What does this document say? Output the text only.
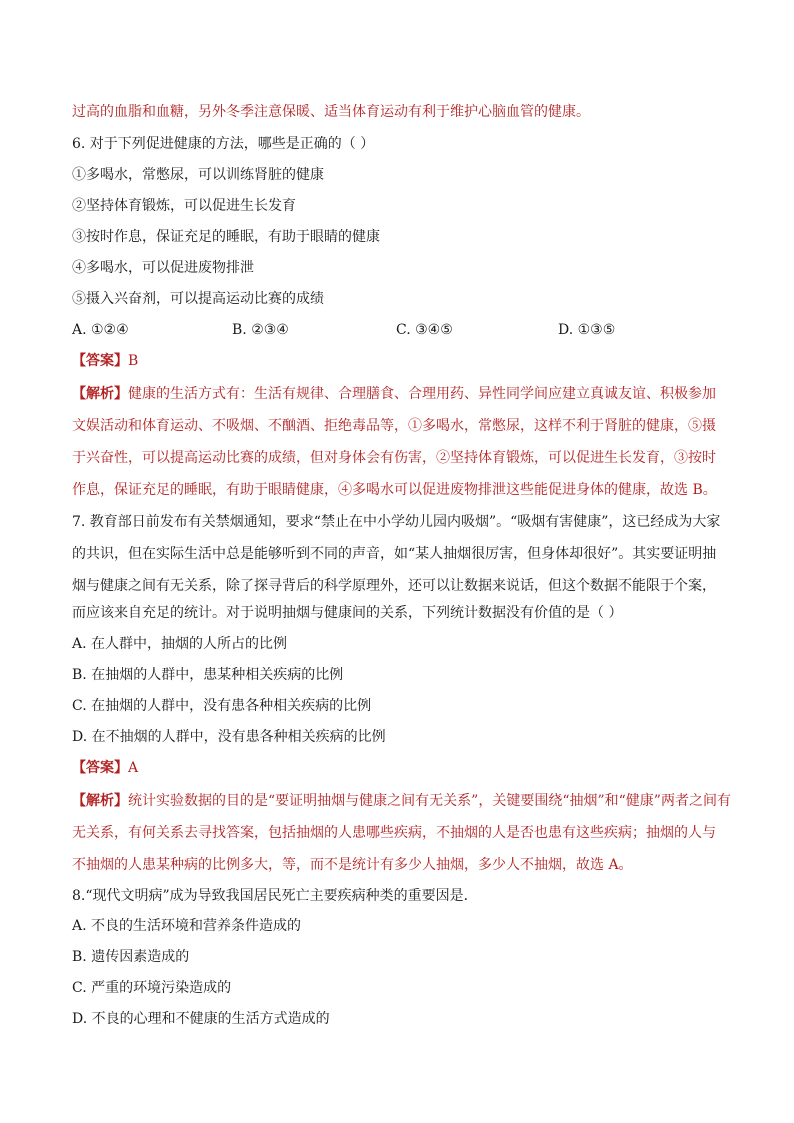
过高的血脂和血糖，另外冬季注意保暖、适当体育运动有利于维护心脑血管的健康。
6. 对于下列促进健康的方法，哪些是正确的（ ）
①多喝水，常憋尿，可以训练肾脏的健康
②坚持体育锻炼，可以促进生长发育
③按时作息，保证充足的睡眠，有助于眼睛的健康
④多喝水，可以促进废物排泄
⑤摄入兴奋剂，可以提高运动比赛的成绩
A. ①②④	B. ②③④	C. ③④⑤	D. ①③⑤
【答案】B
【解析】健康的生活方式有：生活有规律、合理膳食、合理用药、异性同学间应建立真诚友谊、积极参加
文娱活动和体育运动、不吸烟、不酗酒、拒绝毒品等，①多喝水，常憋尿，这样不利于肾脏的健康，⑤摄
于兴奋性，可以提高运动比赛的成绩，但对身体会有伤害，②坚持体育锻炼，可以促进生长发育，③按时
作息，保证充足的睡眠，有助于眼睛健康，④多喝水可以促进废物排泄这些能促进身体的健康，故选 B。
7. 教育部日前发布有关禁烟通知，要求“禁止在中小学幼儿园内吸烟”。“吸烟有害健康”，这已经成为大家
的共识，但在实际生活中总是能够听到不同的声音，如“某人抽烟很厉害，但身体却很好”。其实要证明抽
烟与健康之间有无关系，除了探寻背后的科学原理外，还可以让数据来说话，但这个数据不能限于个案，
而应该来自充足的统计。对于说明抽烟与健康间的关系，下列统计数据没有价值的是（ ）
A. 在人群中，抽烟的人所占的比例
B. 在抽烟的人群中，患某种相关疾病的比例
C. 在抽烟的人群中，没有患各种相关疾病的比例
D. 在不抽烟的人群中，没有患各种相关疾病的比例
【答案】A
【解析】统计实验数据的目的是“要证明抽烟与健康之间有无关系”，关键要围绕“抽烟”和“健康”两者之间有
无关系，有何关系去寻找答案，包括抽烟的人患哪些疾病，不抽烟的人是否也患有这些疾病；抽烟的人与
不抽烟的人患某种病的比例多大，等，而不是统计有多少人抽烟，多少人不抽烟，故选 A。
8.“现代文明病”成为导致我国居民死亡主要疾病种类的重要因是．
A. 不良的生活环境和营养条件造成的
B. 遗传因素造成的
C. 严重的环境污染造成的
D. 不良的心理和不健康的生活方式造成的
